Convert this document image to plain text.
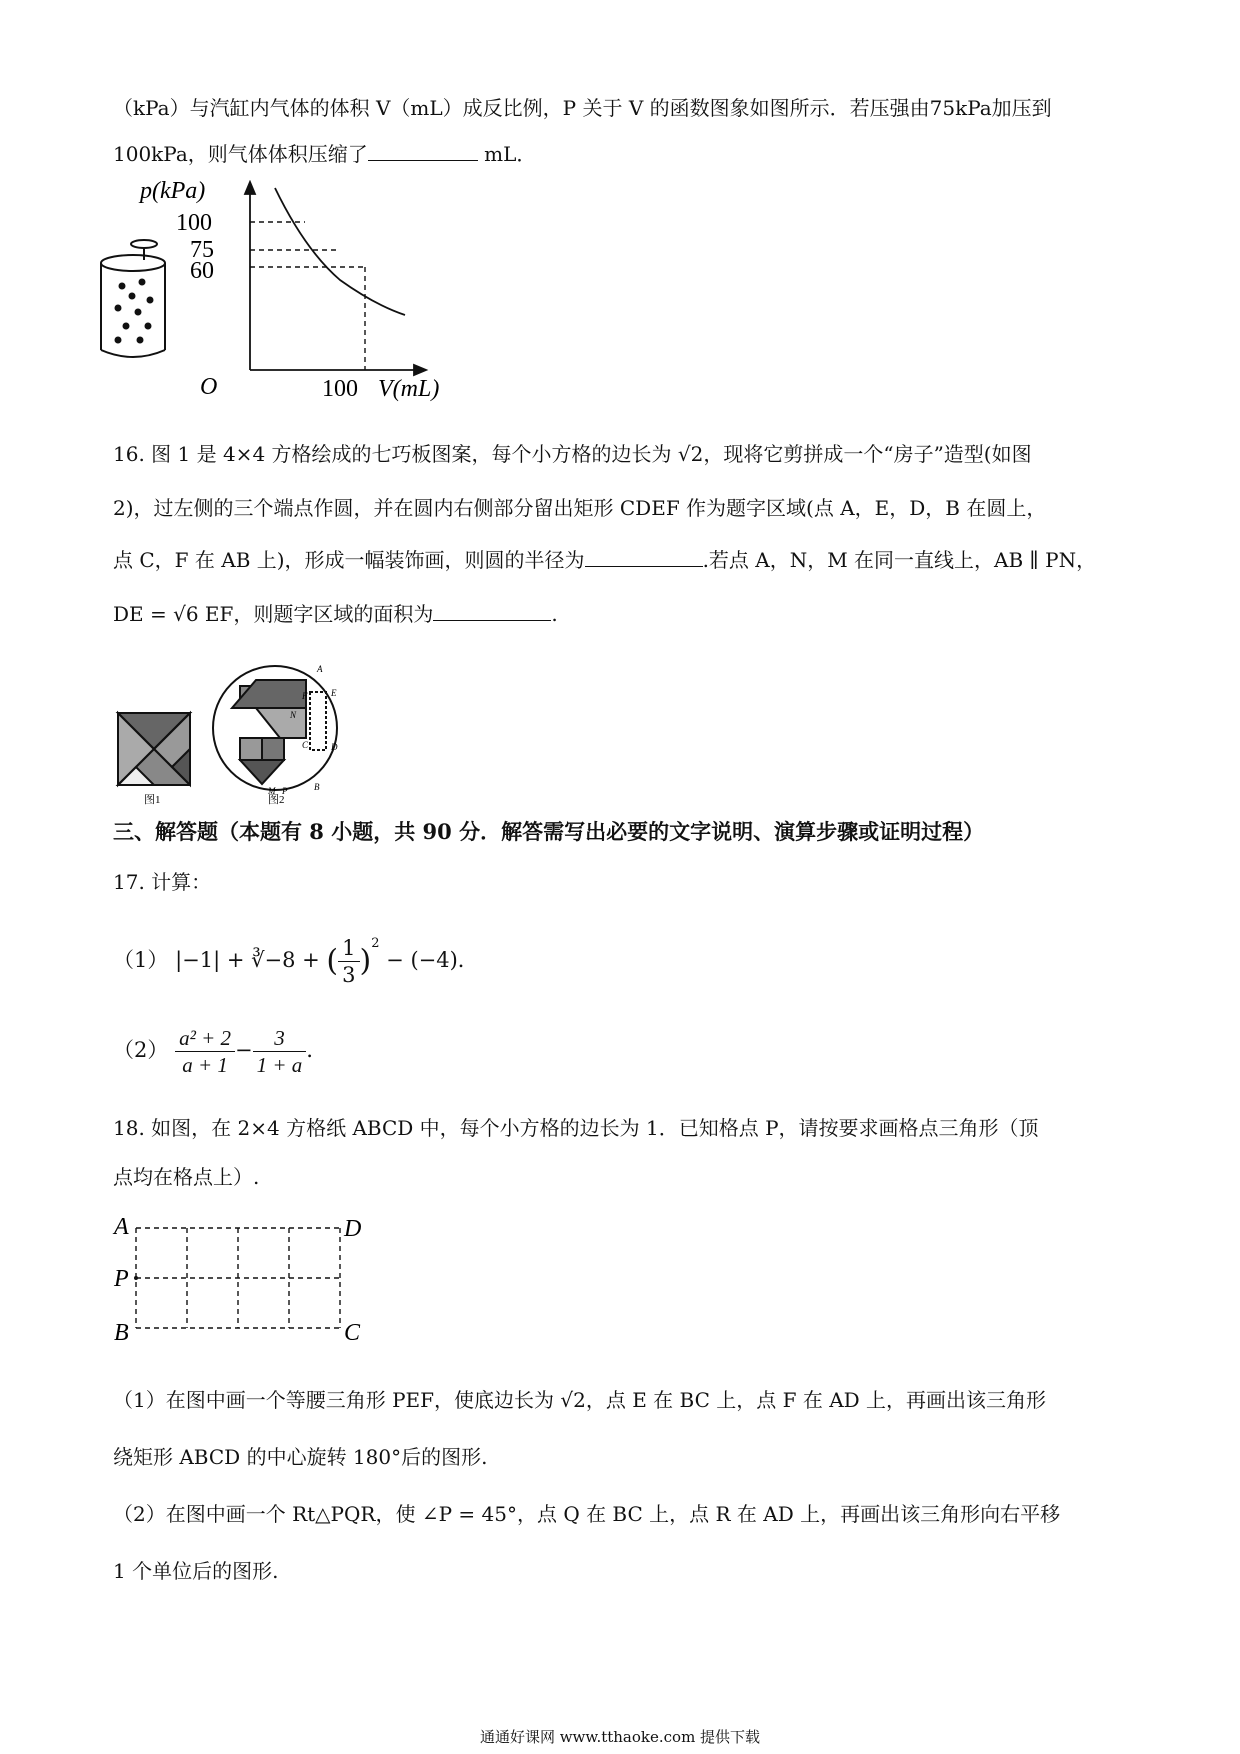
（kPa）与汽缸内气体的体积 V（mL）成反比例，P 关于 V 的函数图象如图所示．若压强由75kPa加压到
100kPa，则气体体积压缩了	mL．
p(kPa)
100
75
60
O	100 V(mL)
16. 图 1 是 4×4 方格绘成的七巧板图案，每个小方格的边长为 √2，现将它剪拼成一个“房子”造型(如图
2)，过左侧的三个端点作圆，并在圆内右侧部分留出矩形 CDEF 作为题字区域(点 A，E，D，B 在圆上，
点 C，F 在 AB 上)，形成一幅装饰画，则圆的半径为	.若点 A，N，M 在同一直线上，AB ∥ PN，
DE = √6 EF，则题字区域的面积为	.
图1
A
E
F
N
C	D
M P	B
图2
三、解答题（本题有 8 小题，共 90 分．解答需写出必要的文字说明、演算步骤或证明过程）
17. 计算：
（1） |−1| + ∛−8 + ( $\frac{1}{3} )^2 - (-4)$．
$(2) \frac{\text{a² + 2}}{a + 1} - \frac{3}{1 + a}$ ．
18. 如图，在 2×4 方格纸 ABCD 中，每个小方格的边长为 1．已知格点 P，请按要求画格点三角形（顶
点均在格点上）.
A	D
P
B	C
（1）在图中画一个等腰三角形 PEF，使底边长为 √2，点 E 在 BC 上，点 F 在 AD 上，再画出该三角形
绕矩形 ABCD 的中心旋转 180°后的图形.
（2）在图中画一个 Rt△PQR，使 ∠P = 45°，点 Q 在 BC 上，点 R 在 AD 上，再画出该三角形向右平移
1 个单位后的图形.
通通好课网 www.tthaoke.com 提供下载
